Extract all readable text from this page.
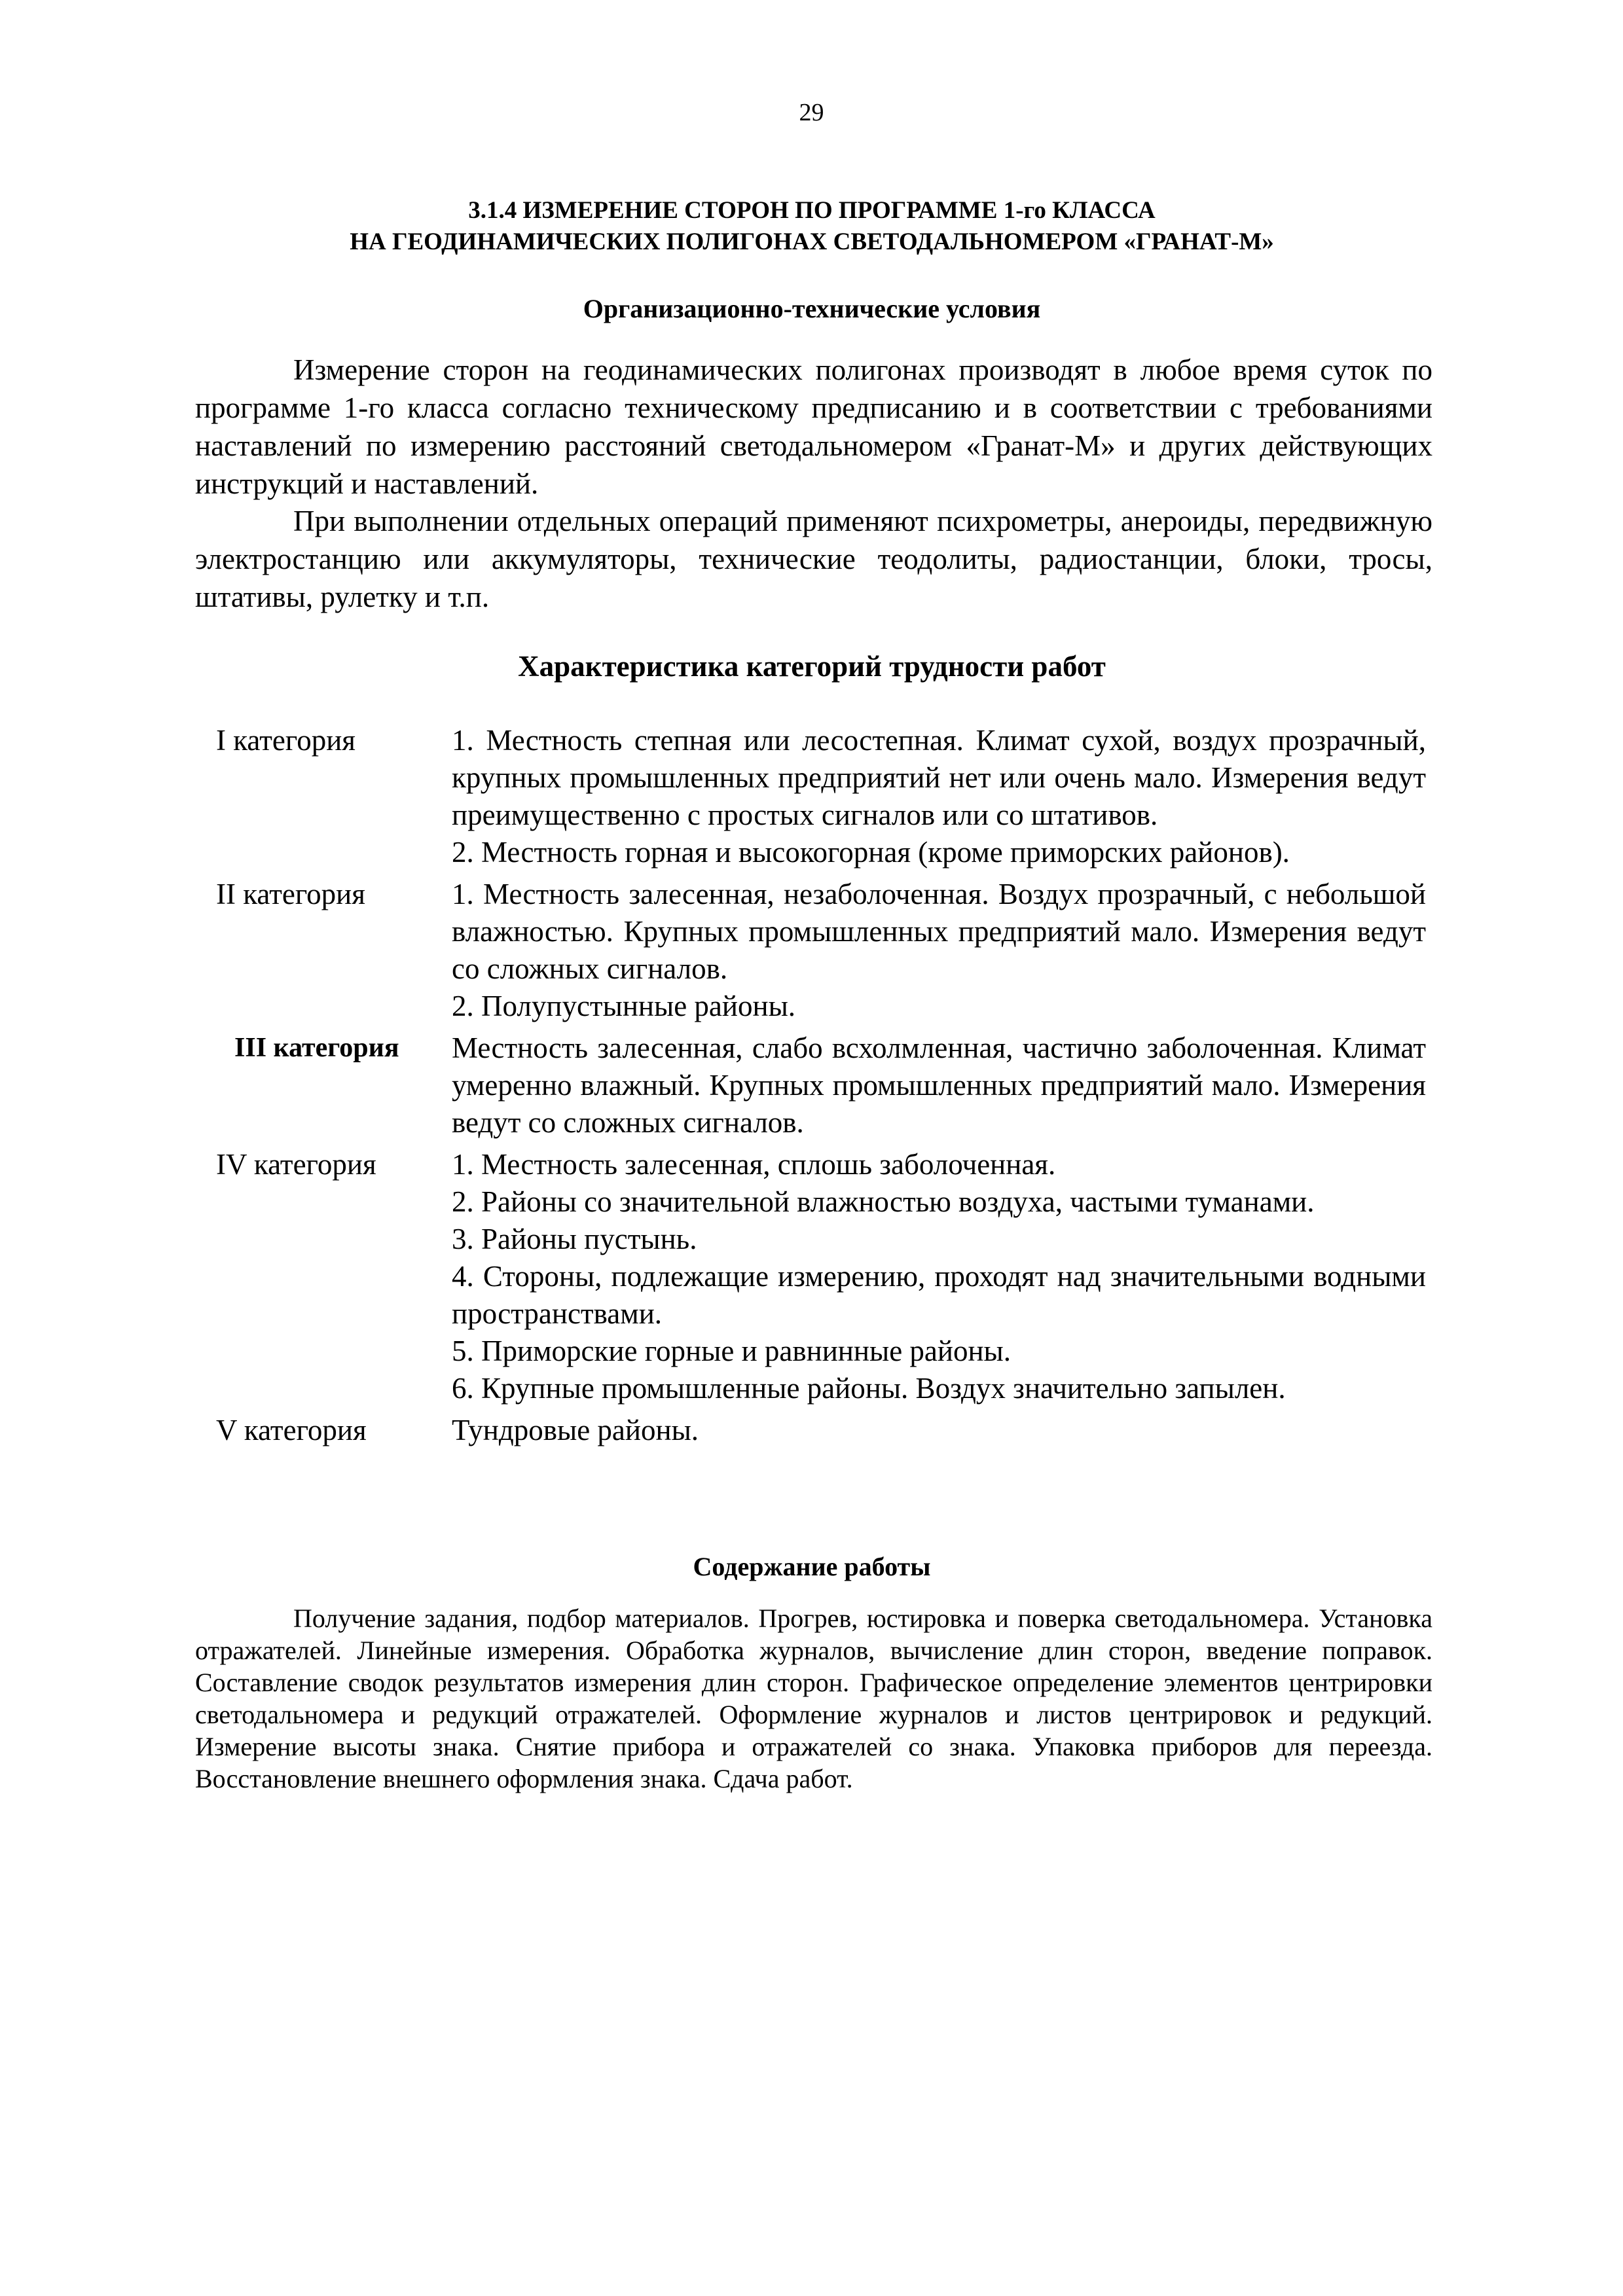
29
3.1.4 ИЗМЕРЕНИЕ СТОРОН ПО ПРОГРАММЕ 1-го КЛАССА
НА ГЕОДИНАМИЧЕСКИХ ПОЛИГОНАХ СВЕТОДАЛЬНОМЕРОМ «ГРАНАТ-М»
Организационно-технические условия

Измерение сторон на геодинамических полигонах производят в любое время суток по программе 1-го класса согласно техническому предписанию и в соответствии с требованиями наставлений по измерению расстояний светодальномером «Гранат-М» и других действующих инструкций и наставлений.

При выполнении отдельных операций применяют психрометры, анероиды, передвижную электростанцию или аккумуляторы, технические теодолиты, радиостанции, блоки, тросы, штативы, рулетку и т.п.

Характеристика категорий трудности работ
I категория	1. Местность степная или лесостепная. Климат сухой, воздух прозрачный, крупных промышленных предприятий нет или очень мало. Измерения ведут преимущественно с простых сигналов или со штативов.

2. Местность горная и высокогорная (кроме приморских районов).

II категория	1. Местность залесенная, незаболоченная. Воздух прозрачный, с небольшой влажностью. Крупных промышленных предприятий мало. Измерения ведут со сложных сигналов.

2. Полупустынные районы.

III категория	Местность залесенная, слабо всхолмленная, частично заболоченная. Климат умеренно влажный. Крупных промышленных предприятий мало. Измерения ведут со сложных сигналов.

IV категория	1. Местность залесенная, сплошь заболоченная.

2. Районы со значительной влажностью воздуха, частыми туманами.

3. Районы пустынь.

4. Стороны, подлежащие измерению, проходят над значительными водными пространствами.

5. Приморские горные и равнинные районы.

6. Крупные промышленные районы. Воздух значительно запылен.

V категория	Тундровые районы.

Содержание работы

Получение задания, подбор материалов. Прогрев, юстировка и поверка светодальномера. Установка отражателей. Линейные измерения. Обработка журналов, вычисление длин сторон, введение поправок. Составление сводок результатов измерения длин сторон. Графическое определение элементов центрировки светодальномера и редукций отражателей. Оформление журналов и листов центрировок и редукций. Измерение высоты знака. Снятие прибора и отражателей со знака. Упаковка приборов для переезда. Восстановление внешнего оформления знака. Сдача работ.
